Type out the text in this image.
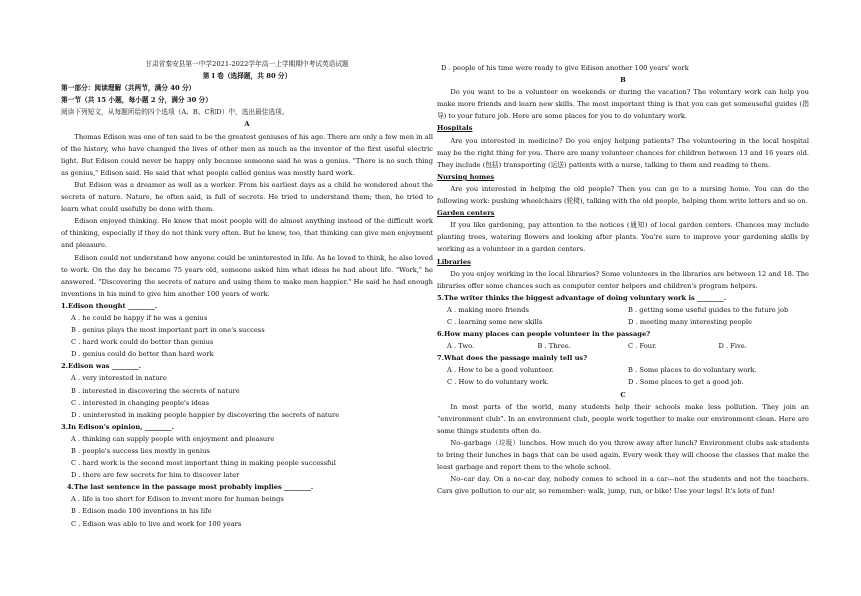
甘肃省秦安县第一中学2021-2022学年高一上学期期中考试英语试题

第 I 卷（选择题，共 80 分）

第一部分：阅读理解（共两节，满分 40 分）

第一节（共 15 小题，每小题 2 分，满分 30 分）

阅读下列短文，从每题所给的四个选项（A、B、C和D）中，选出最佳选项。

A

Thomas Edison was one of ten said to be the greatest geniuses of his age. There are only a few men in all of the history, who have changed the lives of other men as much as the inventor of the first useful electric light. But Edison could never be happy only because someone said he was a genius. "There is no such thing as genius," Edison said. He said that what people called genius was mostly hard work.

But Edison was a dreamer as well as a worker. From his earliest days as a child he wondered about the secrets of nature. Nature, he often said, is full of secrets. He tried to understand them; then, he tried to learn what could usefully be done with them.

Edison enjoyed thinking. He knew that most people will do almost anything instead of the difficult work of thinking, especially if they do not think very often. But he knew, too, that thinking can give men enjoyment and pleasure.

Edison could not understand how anyone could be uninterested in life. As he loved to think, he also loved to work. On the day he became 75 years old, someone asked him what ideas he had about life. "Work," he answered. "Discovering the secrets of nature and using them to make men happier." He said he had enough inventions in his mind to give him another 100 years of work.

1.Edison thought ________.

A . he could be happy if he was a genius

B . genius plays the most important part in one's success

C . hard work could do better than genius

D . genius could do better than hard work

2.Edison was ________.

A . very interested in nature

B . interested in discovering the secrets of nature

C . interested in changing people's ideas

D . uninterested in making people happier by discovering the secrets of nature

3.In Edison's opinion, ________.

A . thinking can supply people with enjoyment and pleasure

B . people's success lies mostly in genius

C . hard work is the second most important thing in making people successful

D . there are few secrets for him to discover later

4.The last sentence in the passage most probably implies ________.

A . life is too short for Edison to invent more for human beings

B . Edison made 100 inventions in his life

C . Edison was able to live and work for 100 years

D . people of his time were ready to give Edison another 100 years' work

B

Do you want to be a volunteer on weekends or during the vacation? The voluntary work can help you make more friends and learn new skills. The most important thing is that you can get someuseful guides (指导) to your future job. Here are some places for you to do voluntary work.

Hospitals

Are you interested in medicine? Do you enjoy helping patients? The volunteering in the local hospital may be the right thing for you. There are many volunteer chances for children between 13 and 16 years old. They include (包括) transporting (运送) patients with a nurse, talking to them and reading to them.

Nursing homes

Are you interested in helping the old people? Then you can go to a nursing home. You can do the following work: pushing wheelchairs (轮椅), talking with the old people, helping them write letters and so on.

Garden centers

If you like gardening, pay attention to the notices (通知) of local garden centers. Chances may include planting trees, watering flowers and looking after plants. You're sure to improve your gardening skills by working as a volunteer in a garden centers.

Libraries

Do you enjoy working in the local libraries? Some volunteers in the libraries are between 12 and 18. The libraries offer some chances such as computer center helpers and children's program helpers.

5.The writer thinks the biggest advantage of doing voluntary work is ________.

A . making more friends	B . getting some useful guides to the future job
C . learning some new skills	D . meeting many interesting people

6.How many places can people volunteer in the passage?

A . Two.	B . Three.	C . Four.	D . Five.

7.What does the passage mainly tell us?

A . How to be a good volunteer.	B . Some places to do voluntary work.
C . How to do voluntary work.	D . Some places to get a good job.

C

In most parts of the world, many students help their schools make less pollution. They join an “environment club”. In an environment club, people work together to make our environment clean. Here are some things students often do.

No–garbage（垃圾）lunches. How much do you throw away after lunch? Environment clubs ask students to bring their lunches in bags that can be used again. Every week they will choose the classes that make the least garbage and report them to the whole school.

No–car day. On a no-car day, nobody comes to school in a car---not the students and not the teachers. Cars give pollution to our air, so remember: walk, jump, run, or bike! Use your legs! It's lots of fun!
